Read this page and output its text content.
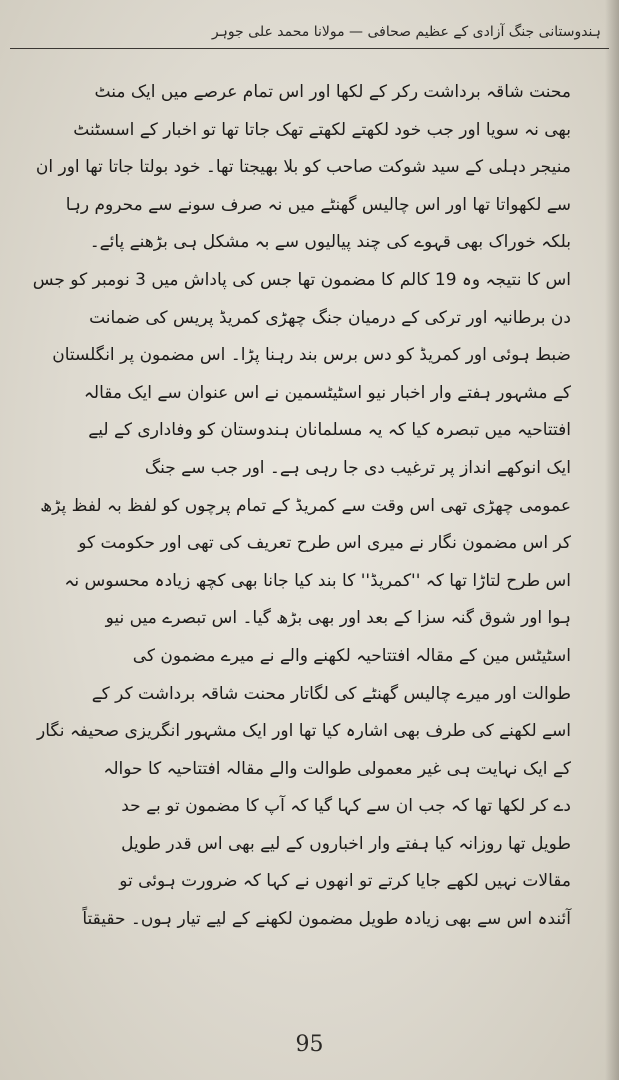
ہندوستانی جنگ آزادی کے عظیم صحافی — مولانا محمد علی جوہر
محنت شاقہ برداشت رکر کے لکھا اور اس تمام عرصے میں ایک منٹ
بھی نہ سویا اور جب خود لکھتے لکھتے تھک جاتا تھا تو اخبار کے اسسٹنٹ
منیجر دہلی کے سید شوکت صاحب کو بلا بھیجتا تھا۔ خود بولتا جاتا تھا اور ان
سے لکھواتا تھا اور اس چالیس گھنٹے میں نہ صرف سونے سے محروم رہا
بلکہ خوراک بھی قہوے کی چند پیالیوں سے بہ مشکل ہی بڑھنے پائے۔
اس کا نتیجہ وہ 19 کالم کا مضمون تھا جس کی پاداش میں 3 نومبر کو جس
دن برطانیہ اور ترکی کے درمیان جنگ چھڑی کمریڈ پریس کی ضمانت
ضبط ہوئی اور کمریڈ کو دس برس بند رہنا پڑا۔ اس مضمون پر انگلستان
کے مشہور ہفتے وار اخبار نیو اسٹیٹسمین نے اس عنوان سے ایک مقالہ
افتتاحیہ میں تبصرہ کیا کہ یہ مسلمانان ہندوستان کو وفاداری کے لیے
ایک انوکھے انداز پر ترغیب دی جا رہی ہے۔ اور جب سے جنگ
عمومی چھڑی تھی اس وقت سے کمریڈ کے تمام پرچوں کو لفظ بہ لفظ پڑھ
کر اس مضمون نگار نے میری اس طرح تعریف کی تھی اور حکومت کو
اس طرح لتاڑا تھا کہ ''کمریڈ'' کا بند کیا جانا بھی کچھ زیادہ محسوس نہ
ہوا اور شوق گنہ سزا کے بعد اور بھی بڑھ گیا۔ اس تبصرے میں نیو
اسٹیٹس مین کے مقالہ افتتاحیہ لکھنے والے نے میرے مضمون کی
طوالت اور میرے چالیس گھنٹے کی لگاتار محنت شاقہ برداشت کر کے
اسے لکھنے کی طرف بھی اشارہ کیا تھا اور ایک مشہور انگریزی صحیفہ نگار
کے ایک نہایت ہی غیر معمولی طوالت والے مقالہ افتتاحیہ کا حوالہ
دے کر لکھا تھا کہ جب ان سے کہا گیا کہ آپ کا مضمون تو بے حد
طویل تھا روزانہ کیا ہفتے وار اخباروں کے لیے بھی اس قدر طویل
مقالات نہیں لکھے جایا کرتے تو انھوں نے کہا کہ ضرورت ہوئی تو
آئندہ اس سے بھی زیادہ طویل مضمون لکھنے کے لیے تیار ہوں۔ حقیقتاً
95
